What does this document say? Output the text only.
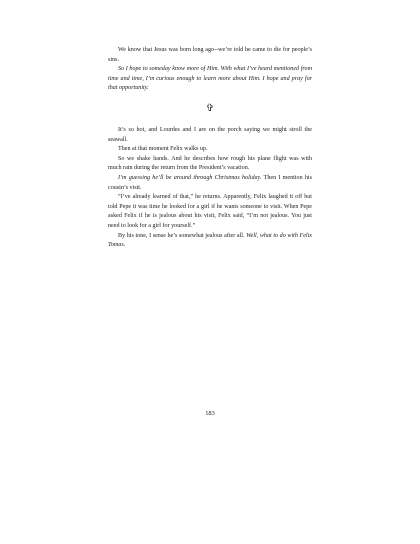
We know that Jesus was born long ago--we’re told he came to die for people’s sins.

So I hope to someday know more of Him. With what I’ve heard mentioned from time and time, I’m curious enough to learn more about Him. I hope and pray for that opportunity.

✞

It’s so hot, and Lourdes and I are on the porch saying we might stroll the seawall.

Then at that moment Felix walks up.

So we shake hands. And he describes how rough his plane flight was with much rain during the return from the President’s vacation.

I’m guessing he’ll be around through Christmas holiday. Then I mention his cousin’s visit.

“I’ve already learned of that,” he returns. Apparently, Felix laughed it off but told Pepe it was time he looked for a girl if he wants someone to visit. When Pepe asked Felix if he is jealous about his visit, Felix said, “I’m not jealous. You just need to look for a girl for yourself.”

By his tone, I sense he’s somewhat jealous after all. Well, what to do with Felix Tomas.

183
